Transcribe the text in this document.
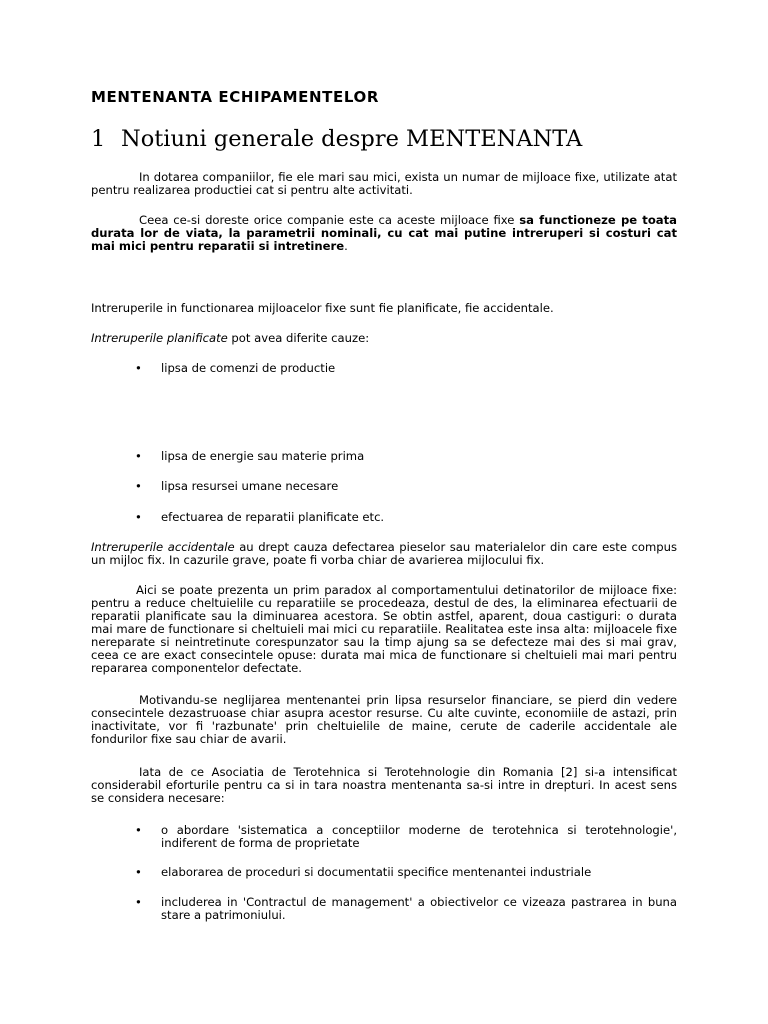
MENTENANTA ECHIPAMENTELOR
1 Notiuni generale despre MENTENANTA

In dotarea companiilor, fie ele mari sau mici, exista un numar de mijloace fixe, utilizate atat pentru realizarea productiei cat si pentru alte activitati.

Ceea ce-si doreste orice companie este ca aceste mijloace fixe sa functioneze pe toata durata lor de viata, la parametrii nominali, cu cat mai putine intreruperi si costuri cat mai mici pentru reparatii si intretinere.

Intreruperile in functionarea mijloacelor fixe sunt fie planificate, fie accidentale.

Intreruperile planificate pot avea diferite cauze:

• lipsa de comenzi de productie
• lipsa de energie sau materie prima
• lipsa resursei umane necesare
• efectuarea de reparatii planificate etc.

Intreruperile accidentale au drept cauza defectarea pieselor sau materialelor din care este compus un mijloc fix. In cazurile grave, poate fi vorba chiar de avarierea mijlocului fix.

Aici se poate prezenta un prim paradox al comportamentului detinatorilor de mijloace fixe: pentru a reduce cheltuielile cu reparatiile se procedeaza, destul de des, la eliminarea efectuarii de reparatii planificate sau la diminuarea acestora. Se obtin astfel, aparent, doua castiguri: o durata mai mare de functionare si cheltuieli mai mici cu reparatiile. Realitatea este insa alta: mijloacele fixe nereparate si neintretinute corespunzator sau la timp ajung sa se defecteze mai des si mai grav, ceea ce are exact consecintele opuse: durata mai mica de functionare si cheltuieli mai mari pentru repararea componentelor defectate.

Motivandu-se neglijarea mentenantei prin lipsa resurselor financiare, se pierd din vedere consecintele dezastruoase chiar asupra acestor resurse. Cu alte cuvinte, economiile de astazi, prin inactivitate, vor fi 'razbunate' prin cheltuielile de maine, cerute de caderile accidentale ale fondurilor fixe sau chiar de avarii.

Iata de ce Asociatia de Terotehnica si Terotehnologie din Romania [2] si-a intensificat considerabil eforturile pentru ca si in tara noastra mentenanta sa-si intre in drepturi. In acest sens se considera necesare:

• o abordare 'sistematica a conceptiilor moderne de terotehnica si terotehnologie', indiferent de forma de proprietate
• elaborarea de proceduri si documentatii specifice mentenantei industriale
• includerea in 'Contractul de management' a obiectivelor ce vizeaza pastrarea in buna stare a patrimoniului.
